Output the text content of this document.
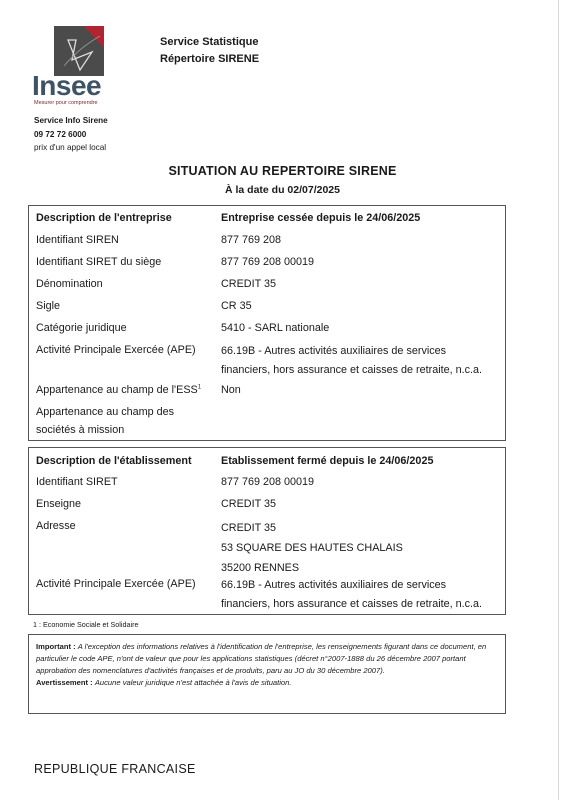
Insee
Mesurer pour comprendre
Service Statistique
Répertoire SIRENE
Service Info Sirene
09 72 72 6000
prix d'un appel local
SITUATION AU REPERTOIRE SIRENE
À la date du 02/07/2025
Description de l'entreprise	Entreprise cessée depuis le 24/06/2025
Identifiant SIREN	877 769 208
Identifiant SIRET du siège	877 769 208 00019
Dénomination	CREDIT 35
Sigle	CR 35
Catégorie juridique	5410 - SARL nationale
Activité Principale Exercée (APE)	66.19B - Autres activités auxiliaires de services
financiers, hors assurance et caisses de retraite, n.c.a.
Appartenance au champ de l'ESS$^1$	Non
Appartenance au champ des
sociétés à mission
Description de l'établissement	Etablissement fermé depuis le 24/06/2025
Identifiant SIRET	877 769 208 00019
Enseigne	CREDIT 35
Adresse	CREDIT 35
53 SQUARE DES HAUTES CHALAIS
35200 RENNES
Activité Principale Exercée (APE)	66.19B - Autres activités auxiliaires de services
financiers, hors assurance et caisses de retraite, n.c.a.
1 : Economie Sociale et Solidaire
Important : A l'exception des informations relatives à l'identification de l'entreprise, les renseignements figurant dans ce document, en particulier le code APE, n'ont de valeur que pour les applications statistiques (décret n°2007-1888 du 26 décembre 2007 portant approbation des nomenclatures d'activités françaises et de produits, paru au JO du 30 décembre 2007).
Avertissement : Aucune valeur juridique n'est attachée à l'avis de situation.
REPUBLIQUE FRANCAISE
